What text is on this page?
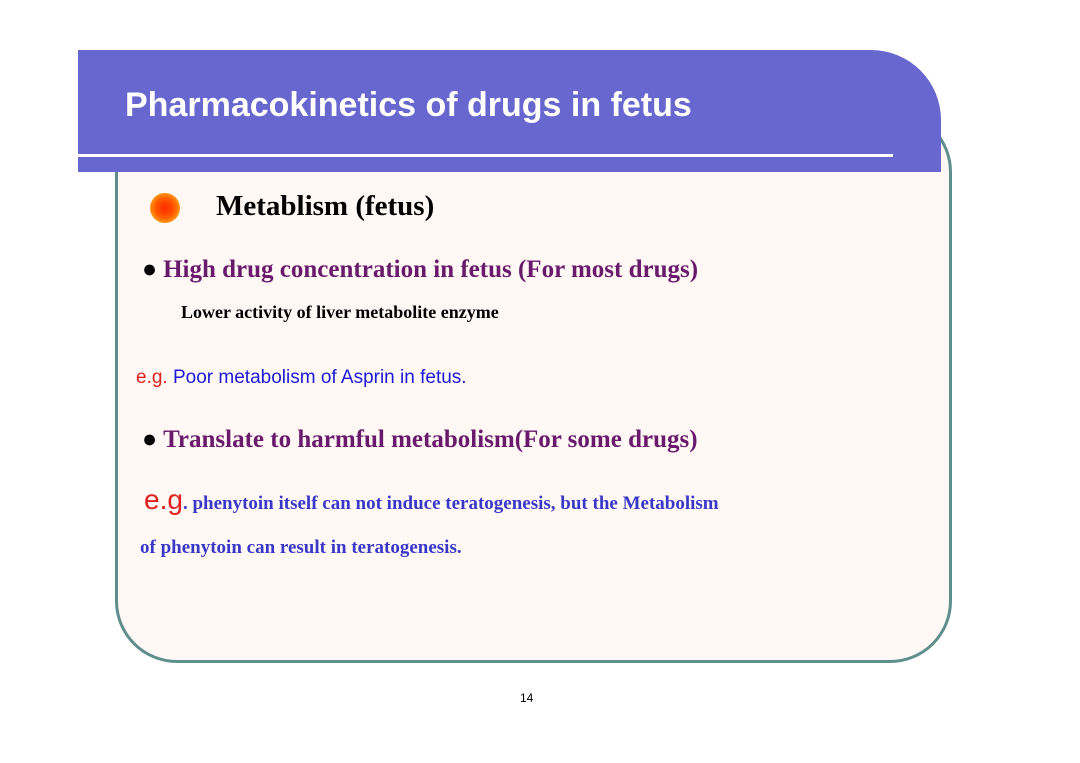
Pharmacokinetics of drugs in fetus
Metablism (fetus)
● High drug concentration in fetus (For most drugs)
Lower activity of liver metabolite enzyme
e.g. Poor metabolism of Asprin in fetus.
● Translate to harmful metabolism(For some drugs)
e.g. phenytoin itself can not induce teratogenesis, but the Metabolism
of phenytoin can result in teratogenesis.
14
